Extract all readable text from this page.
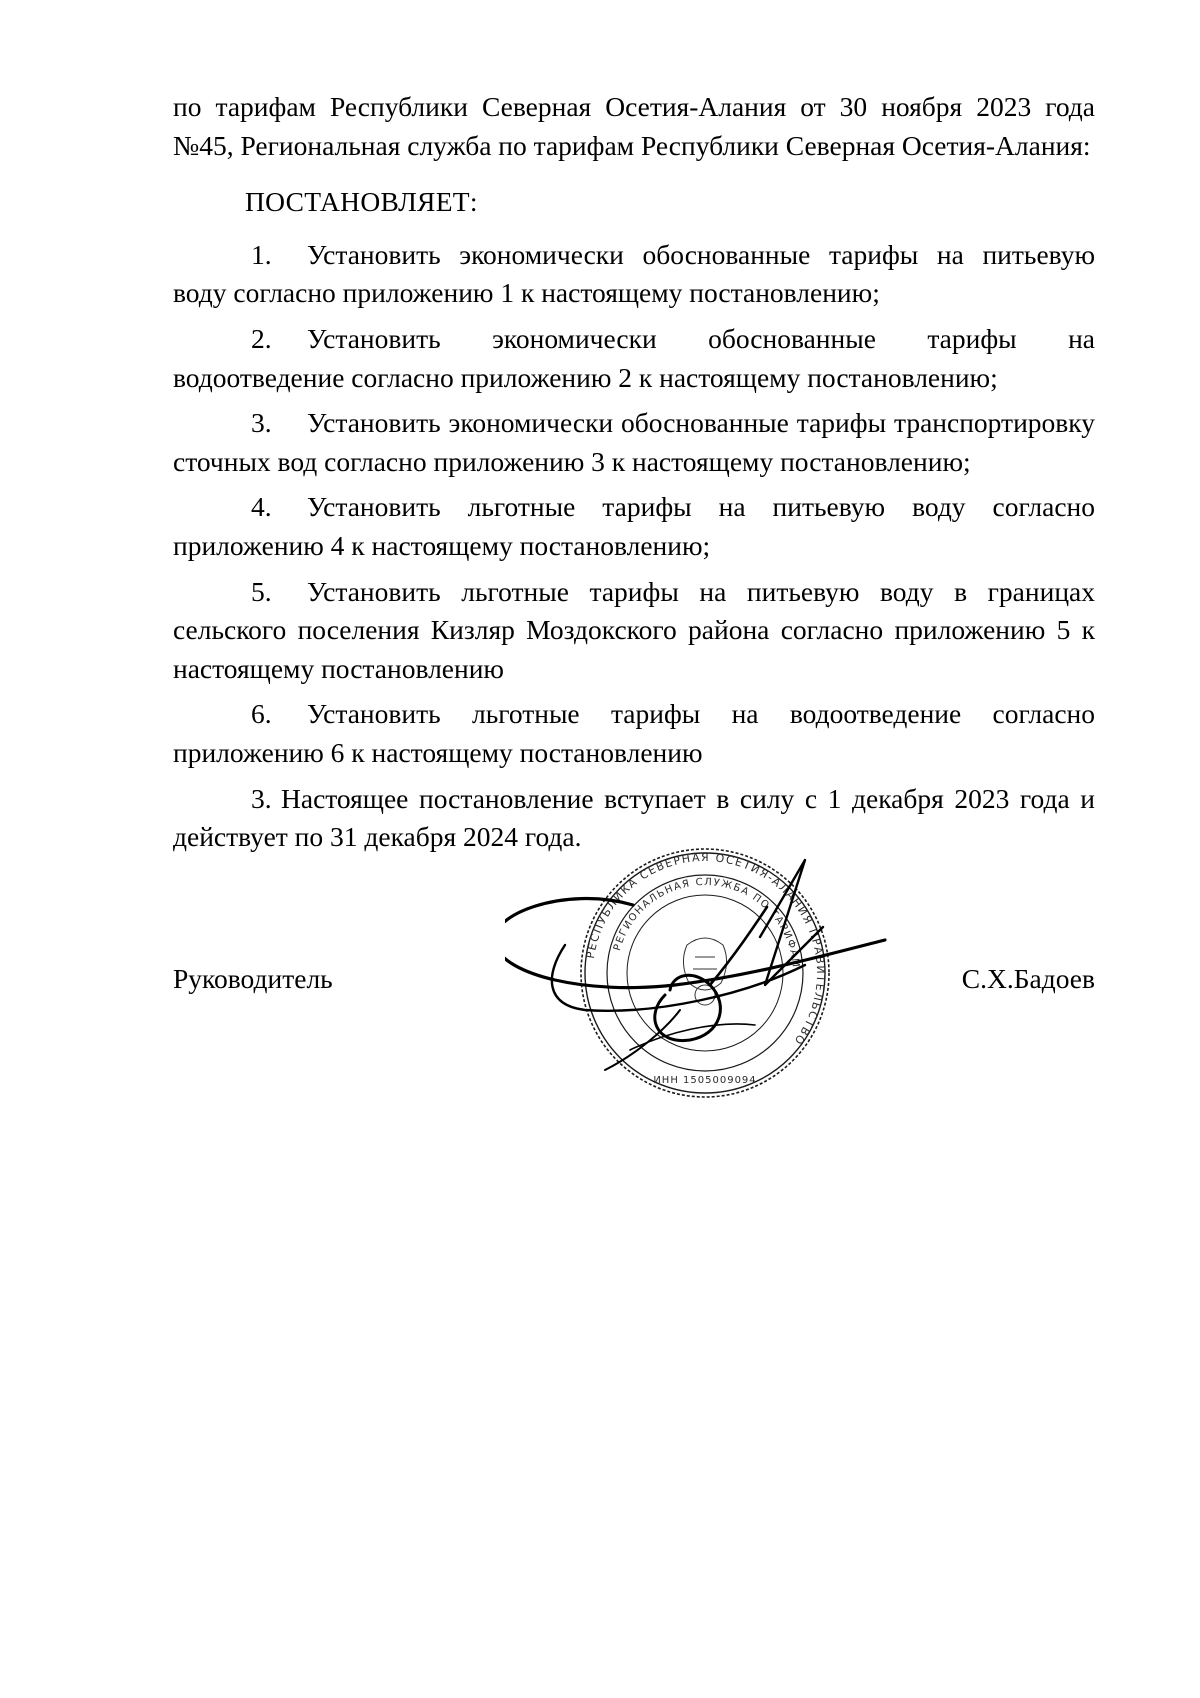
по тарифам Республики Северная Осетия-Алания от 30 ноября 2023 года №45, Региональная служба по тарифам Республики Северная Осетия-Алания:

ПОСТАНОВЛЯЕТ:

1. Установить экономически обоснованные тарифы на питьевую воду согласно приложению 1 к настоящему постановлению;

2. Установить экономически обоснованные тарифы на водоотведение согласно приложению 2 к настоящему постановлению;

3. Установить экономически обоснованные тарифы транспортировку сточных вод согласно приложению 3 к настоящему постановлению;

4. Установить льготные тарифы на питьевую воду согласно приложению 4 к настоящему постановлению;

5. Установить льготные тарифы на питьевую воду в границах сельского поселения Кизляр Моздокского района согласно приложению 5 к настоящему постановлению

6. Установить льготные тарифы на водоотведение согласно приложению 6 к настоящему постановлению

3. Настоящее постановление вступает в силу с 1 декабря 2023 года и действует по 31 декабря 2024 года.

РЕСПУБЛИКА СЕВЕРНАЯ ОСЕТИЯ-АЛАНИЯ ПРАВИТЕЛЬСТВО
РЕГИОНАЛЬНАЯ СЛУЖБА ПО ТАРИФАМ
ИНН 1505009094
Руководитель	С.Х.Бадоев
